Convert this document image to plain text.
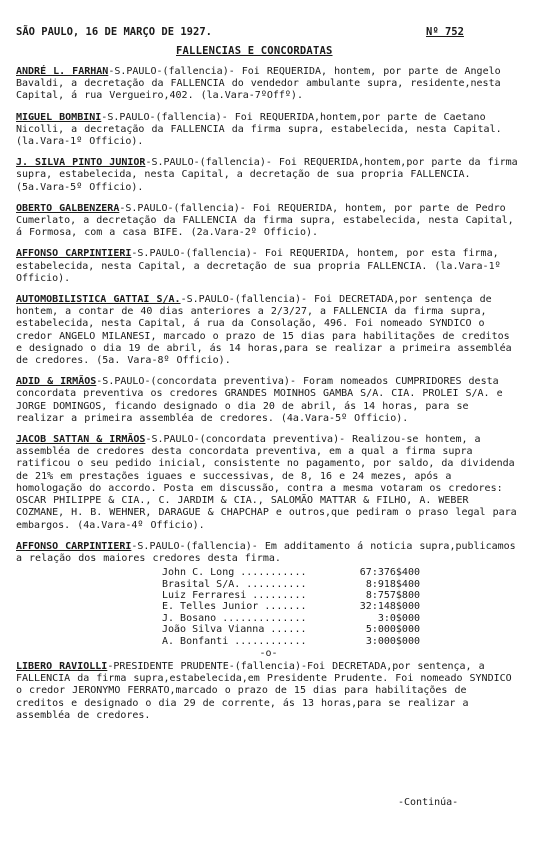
SÃO PAULO, 16 DE MARÇO DE 1927.	Nº 752
FALLENCIAS E CONCORDATAS
ANDRÉ L. FARHAN-S.PAULO-(fallencia)- Foi REQUERIDA, hontem, por parte de Angelo Bavaldi, a decretação da FALLENCIA do vendedor ambulante supra, residente,nesta Capital, á rua Vergueiro,402. (la.Vara-7ºOffº).
MIGUEL BOMBINI-S.PAULO-(fallencia)- Foi REQUERIDA,hontem,por parte de Caetano Nicolli, a decretação da FALLENCIA da firma supra, estabelecida, nesta Capital. (la.Vara-1º Officio).
J. SILVA PINTO JUNIOR-S.PAULO-(fallencia)- Foi REQUERIDA,hontem,por parte da firma supra, estabelecida, nesta Capital, a decretação de sua propria FALLENCIA. (5a.Vara-5º Officio).
OBERTO GALBENZERA-S.PAULO-(fallencia)- Foi REQUERIDA, hontem, por parte de Pedro Cumerlato, a decretação da FALLENCIA da firma supra, estabelecida, nesta Capital, á Formosa, com a casa BIFE. (2a.Vara-2º Officio).
AFFONSO CARPINTIERI-S.PAULO-(fallencia)- Foi REQUERIDA, hontem, por esta firma, estabelecida, nesta Capital, a decretação de sua propria FALLENCIA. (la.Vara-1º Officio).
AUTOMOBILISTICA GATTAI S/A.-S.PAULO-(fallencia)- Foi DECRETADA,por sentença de hontem, a contar de 40 dias anteriores a 2/3/27, a FALLENCIA da firma supra, estabelecida, nesta Capital, á rua da Consolação, 496. Foi nomeado SYNDICO o credor ANGELO MILANESI, marcado o prazo de 15 dias para habilitações de creditos e designado o dia 19 de abril, ás 14 horas,para se realizar a primeira assembléa de credores. (5a. Vara-8º Officio).
ADID & IRMÃOS-S.PAULO-(concordata preventiva)- Foram nomeados CUMPRIDORES desta concordata preventiva os credores GRANDES MOINHOS GAMBA S/A. CIA. PROLEI S/A. e JORGE DOMINGOS, ficando designado o dia 20 de abril, ás 14 horas, para se realizar a primeira assembléa de credores. (4a.Vara-5º Officio).
JACOB SATTAN & IRMÃOS-S.PAULO-(concordata preventiva)- Realizou-se hontem, a assembléa de credores desta concordata preventiva, em a qual a firma supra ratificou o seu pedido inicial, consistente no pagamento, por saldo, da dividenda de 21% em prestações iguaes e successivas, de 8, 16 e 24 mezes, após a homologação do accordo. Posta em discussão, contra a mesma votaram os credores: OSCAR PHILIPPE & CIA., C. JARDIM & CIA., SALOMÃO MATTAR & FILHO, A. WEBER COZMANE, H. B. WEHNER, DARAGUE & CHAPCHAP e outros,que pediram o praso legal para embargos. (4a.Vara-4º Officio).
AFFONSO CARPINTIERI-S.PAULO-(fallencia)- Em additamento á noticia supra,publicamos a relação dos maiores credores desta firma.
John C. Long ...........	67:376$400
Brasital S/A. ..........	8:918$400
Luiz Ferraresi .........	8:757$800
E. Telles Junior .......	32:148$000
J. Bosano ..............	3:0$000
João Silva Vianna ......	5:000$000
A. Bonfanti ............	3:000$000
-o-
LIBERO RAVIOLLI-PRESIDENTE PRUDENTE-(fallencia)-Foi DECRETADA,por sentença, a FALLENCIA da firma supra,estabelecida,em Presidente Prudente. Foi nomeado SYNDICO o credor JERONYMO FERRATO,marcado o prazo de 15 dias para habilitações de creditos e designado o dia 29 de corrente, ás 13 horas,para se realizar a assembléa de credores.
-Continúa-
